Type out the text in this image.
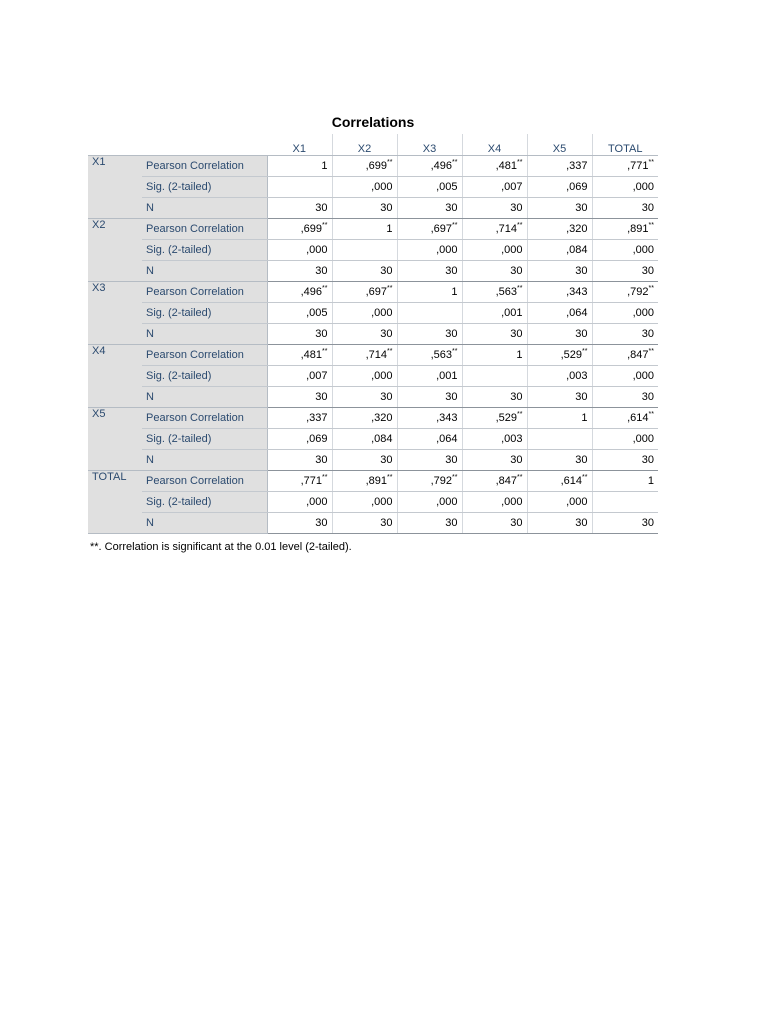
Correlations
		X1	X2	X3	X4	X5	TOTAL
X1	Pearson Correlation	1	,699**	,496**	,481**	,337	,771**
	Sig. (2-tailed)		,000	,005	,007	,069	,000
	N	30	30	30	30	30	30
X2	Pearson Correlation	,699**	1	,697**	,714**	,320	,891**
	Sig. (2-tailed)	,000		,000	,000	,084	,000
	N	30	30	30	30	30	30
X3	Pearson Correlation	,496**	,697**	1	,563**	,343	,792**
	Sig. (2-tailed)	,005	,000		,001	,064	,000
	N	30	30	30	30	30	30
X4	Pearson Correlation	,481**	,714**	,563**	1	,529**	,847**
	Sig. (2-tailed)	,007	,000	,001		,003	,000
	N	30	30	30	30	30	30
X5	Pearson Correlation	,337	,320	,343	,529**	1	,614**
	Sig. (2-tailed)	,069	,084	,064	,003		,000
	N	30	30	30	30	30	30
TOTAL	Pearson Correlation	,771**	,891**	,792**	,847**	,614**	1
	Sig. (2-tailed)	,000	,000	,000	,000	,000	
	N	30	30	30	30	30	30
**. Correlation is significant at the 0.01 level (2-tailed).
